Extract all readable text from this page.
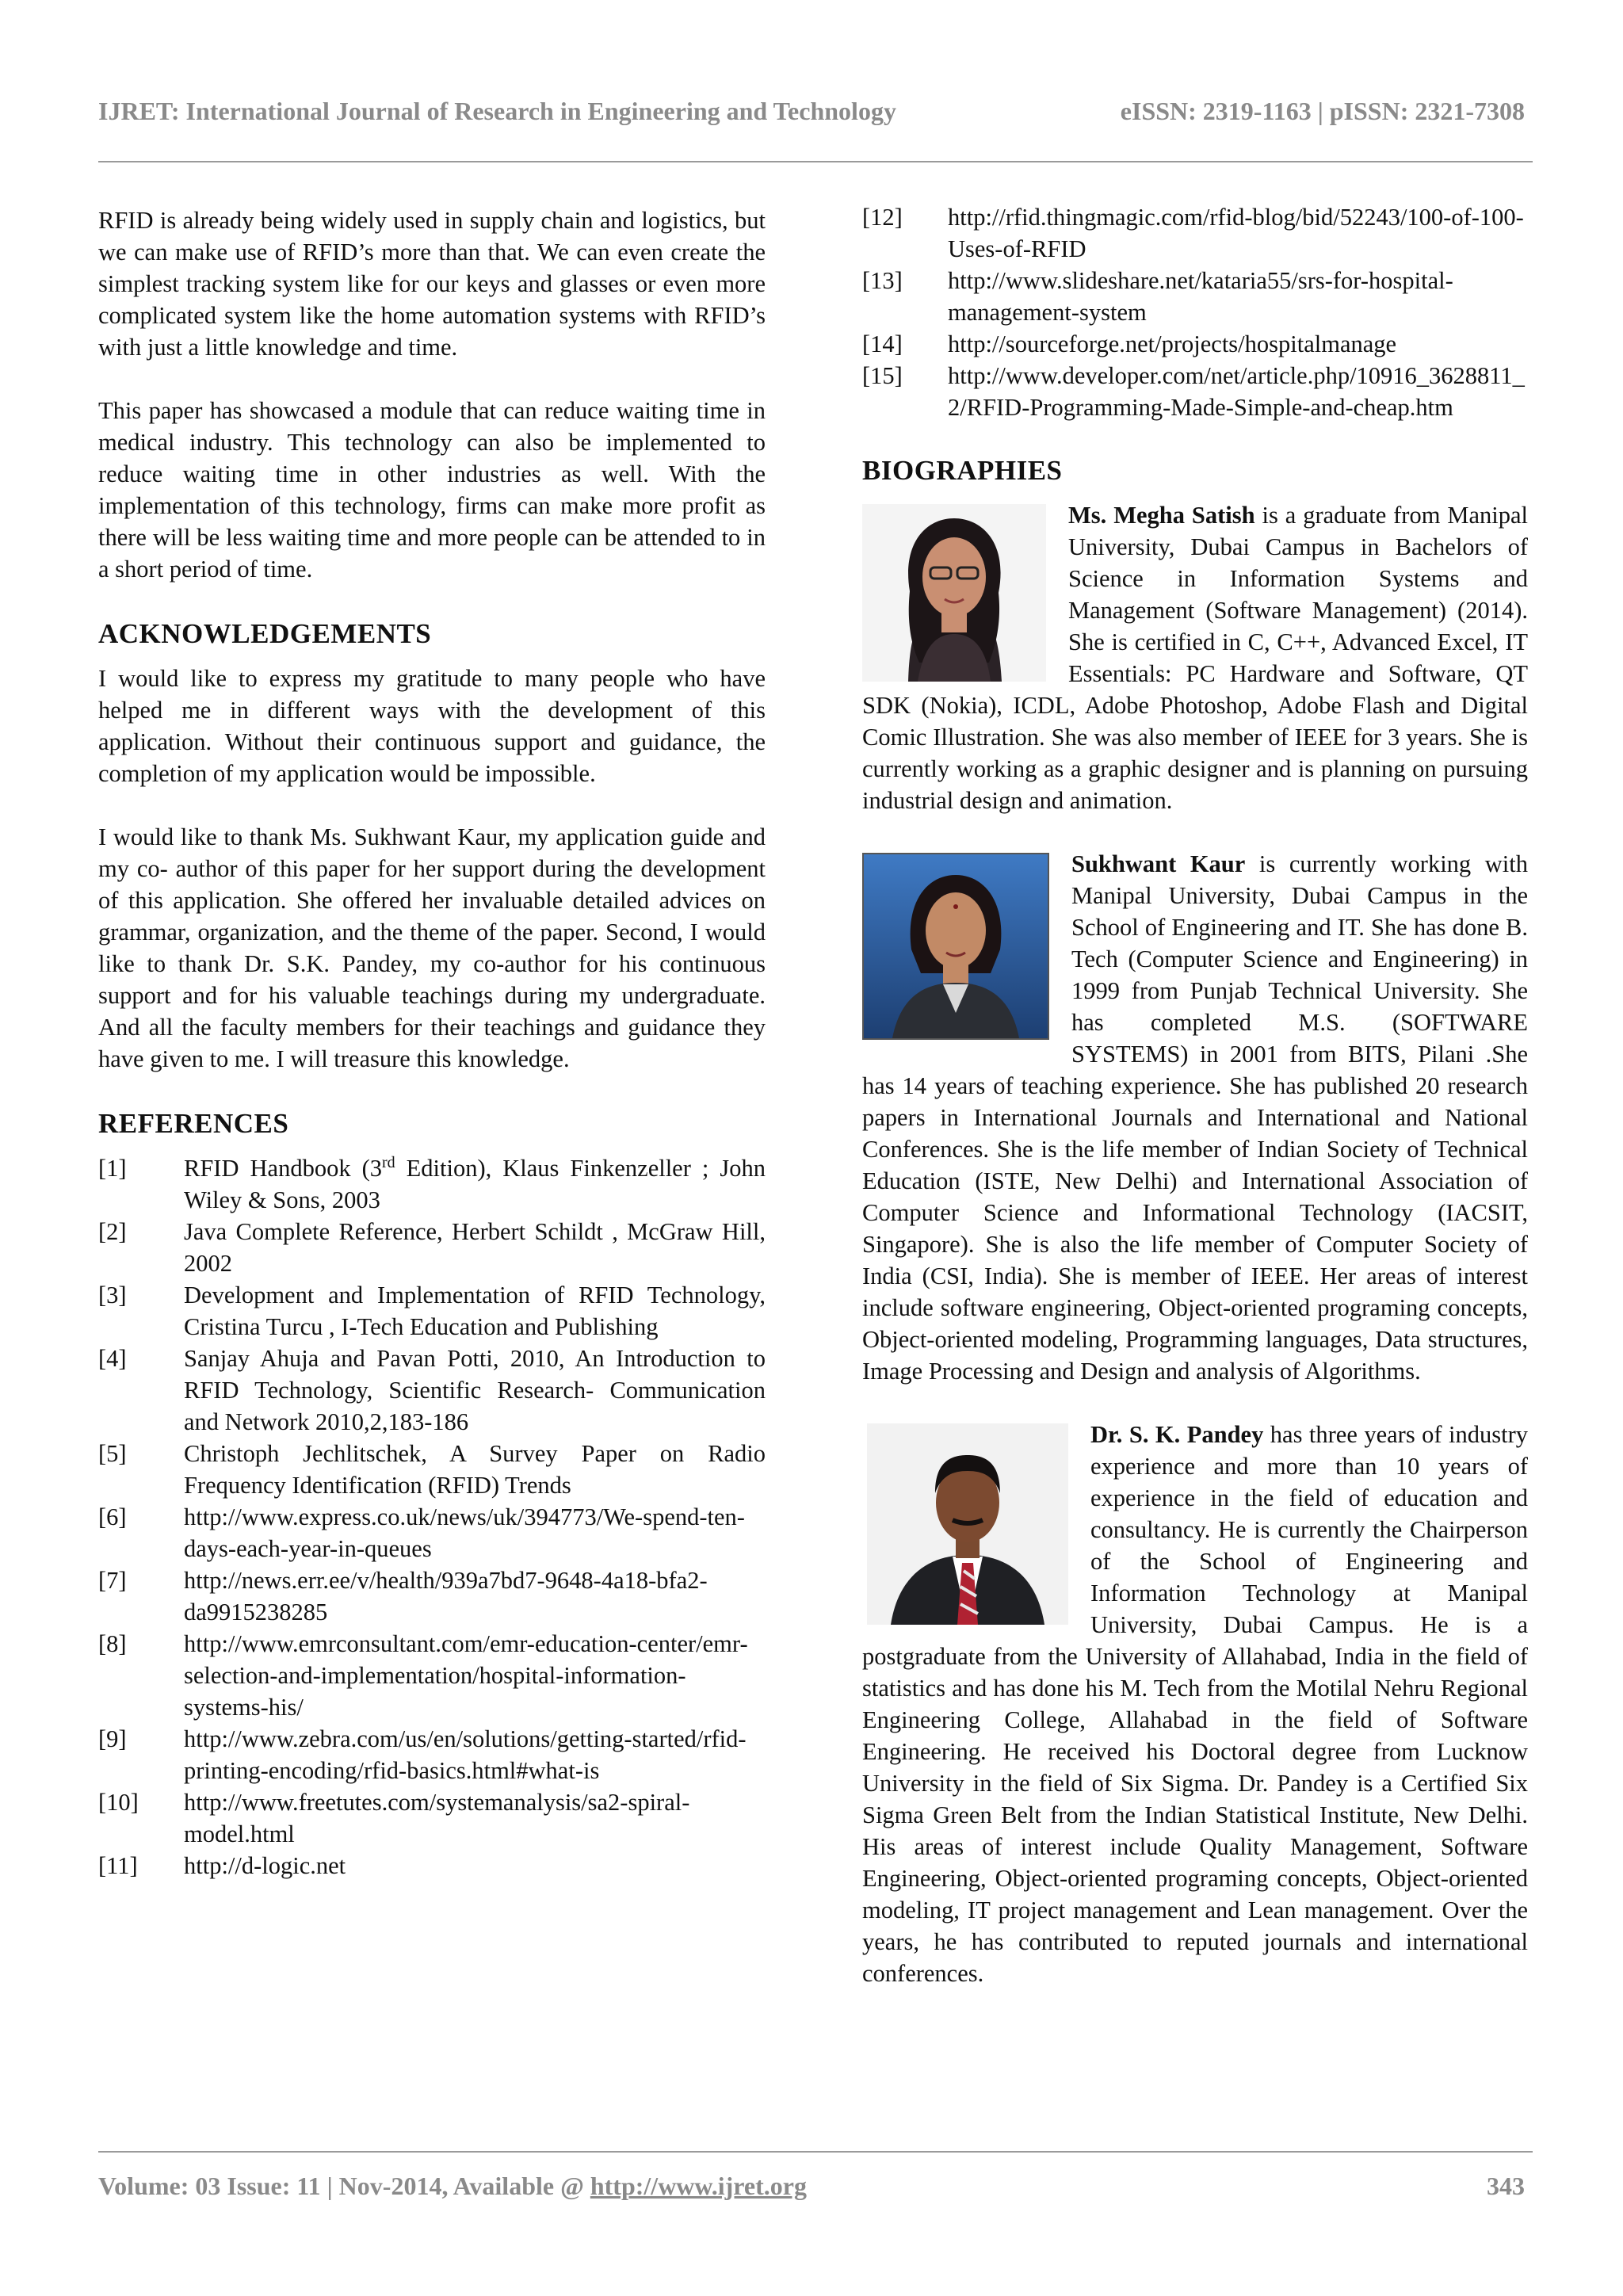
IJRET: International Journal of Research in Engineering and Technology	eISSN: 2319-1163 | pISSN: 2321-7308

RFID is already being widely used in supply chain and logistics, but we can make use of RFID’s more than that. We can even create the simplest tracking system like for our keys and glasses or even more complicated system like the home automation systems with RFID’s with just a little knowledge and time.

This paper has showcased a module that can reduce waiting time in medical industry. This technology can also be implemented to reduce waiting time in other industries as well. With the implementation of this technology, firms can make more profit as there will be less waiting time and more people can be attended to in a short period of time.

ACKNOWLEDGEMENTS

I would like to express my gratitude to many people who have helped me in different ways with the development of this application. Without their continuous support and guidance, the completion of my application would be impossible.

I would like to thank Ms. Sukhwant Kaur, my application guide and my co- author of this paper for her support during the development of this application. She offered her invaluable detailed advices on grammar, organization, and the theme of the paper. Second, I would like to thank Dr. S.K. Pandey, my co-author for his continuous support and for his valuable teachings during my undergraduate. And all the faculty members for their teachings and guidance they have given to me. I will treasure this knowledge.

REFERENCES
[1]	RFID Handbook (3rd Edition), Klaus Finkenzeller ; John Wiley & Sons, 2003
[2]	Java Complete Reference, Herbert Schildt , McGraw Hill, 2002
[3]	Development and Implementation of RFID Technology, Cristina Turcu , I-Tech Education and Publishing
[4]	Sanjay Ahuja and Pavan Potti, 2010, An Introduction to RFID Technology, Scientific Research- Communication and Network 2010,2,183-186
[5]	Christoph Jechlitschek, A Survey Paper on Radio Frequency Identification (RFID) Trends
[6]	http://www.express.co.uk/news/uk/394773/We-spend-ten-days-each-year-in-queues
[7]	http://news.err.ee/v/health/939a7bd7-9648-4a18-bfa2-da9915238285
[8]	http://www.emrconsultant.com/emr-education-center/emr-selection-and-implementation/hospital-information-systems-his/
[9]	http://www.zebra.com/us/en/solutions/getting-started/rfid-printing-encoding/rfid-basics.html#what-is
[10]	http://www.freetutes.com/systemanalysis/sa2-spiral-model.html
[11]	http://d-logic.net
[12]	http://rfid.thingmagic.com/rfid-blog/bid/52243/100-of-100-Uses-of-RFID
[13]	http://www.slideshare.net/kataria55/srs-for-hospital-management-system
[14]	http://sourceforge.net/projects/hospitalmanage
[15]	http://www.developer.com/net/article.php/10916_3628811_2/RFID-Programming-Made-Simple-and-cheap.htm
BIOGRAPHIES
Ms. Megha Satish is a graduate from Manipal University, Dubai Campus in Bachelors of Science in Information Systems and Management (Software Management) (2014). She is certified in C, C++, Advanced Excel, IT Essentials: PC Hardware and Software, QT SDK (Nokia), ICDL, Adobe Photoshop, Adobe Flash and Digital Comic Illustration. She was also member of IEEE for 3 years. She is currently working as a graphic designer and is planning on pursuing industrial design and animation.
Sukhwant Kaur is currently working with Manipal University, Dubai Campus in the School of Engineering and IT. She has done B. Tech (Computer Science and Engineering) in 1999 from Punjab Technical University. She has completed M.S. (SOFTWARE SYSTEMS) in 2001 from BITS, Pilani .She has 14 years of teaching experience. She has published 20 research papers in International Journals and International and National Conferences. She is the life member of Indian Society of Technical Education (ISTE, New Delhi) and International Association of Computer Science and Informational Technology (IACSIT, Singapore). She is also the life member of Computer Society of India (CSI, India). She is member of IEEE. Her areas of interest include software engineering, Object-oriented programing concepts, Object-oriented modeling, Programming languages, Data structures, Image Processing and Design and analysis of Algorithms.
Dr. S. K. Pandey has three years of industry experience and more than 10 years of experience in the field of education and consultancy. He is currently the Chairperson of the School of Engineering and Information Technology at Manipal University, Dubai Campus. He is a postgraduate from the University of Allahabad, India in the field of statistics and has done his M. Tech from the Motilal Nehru Regional Engineering College, Allahabad in the field of Software Engineering. He received his Doctoral degree from Lucknow University in the field of Six Sigma. Dr. Pandey is a Certified Six Sigma Green Belt from the Indian Statistical Institute, New Delhi. His areas of interest include Quality Management, Software Engineering, Object-oriented programing concepts, Object-oriented modeling, IT project management and Lean management. Over the years, he has contributed to reputed journals and international conferences.
Volume: 03 Issue: 11 | Nov-2014, Available @ http://www.ijret.org	343
